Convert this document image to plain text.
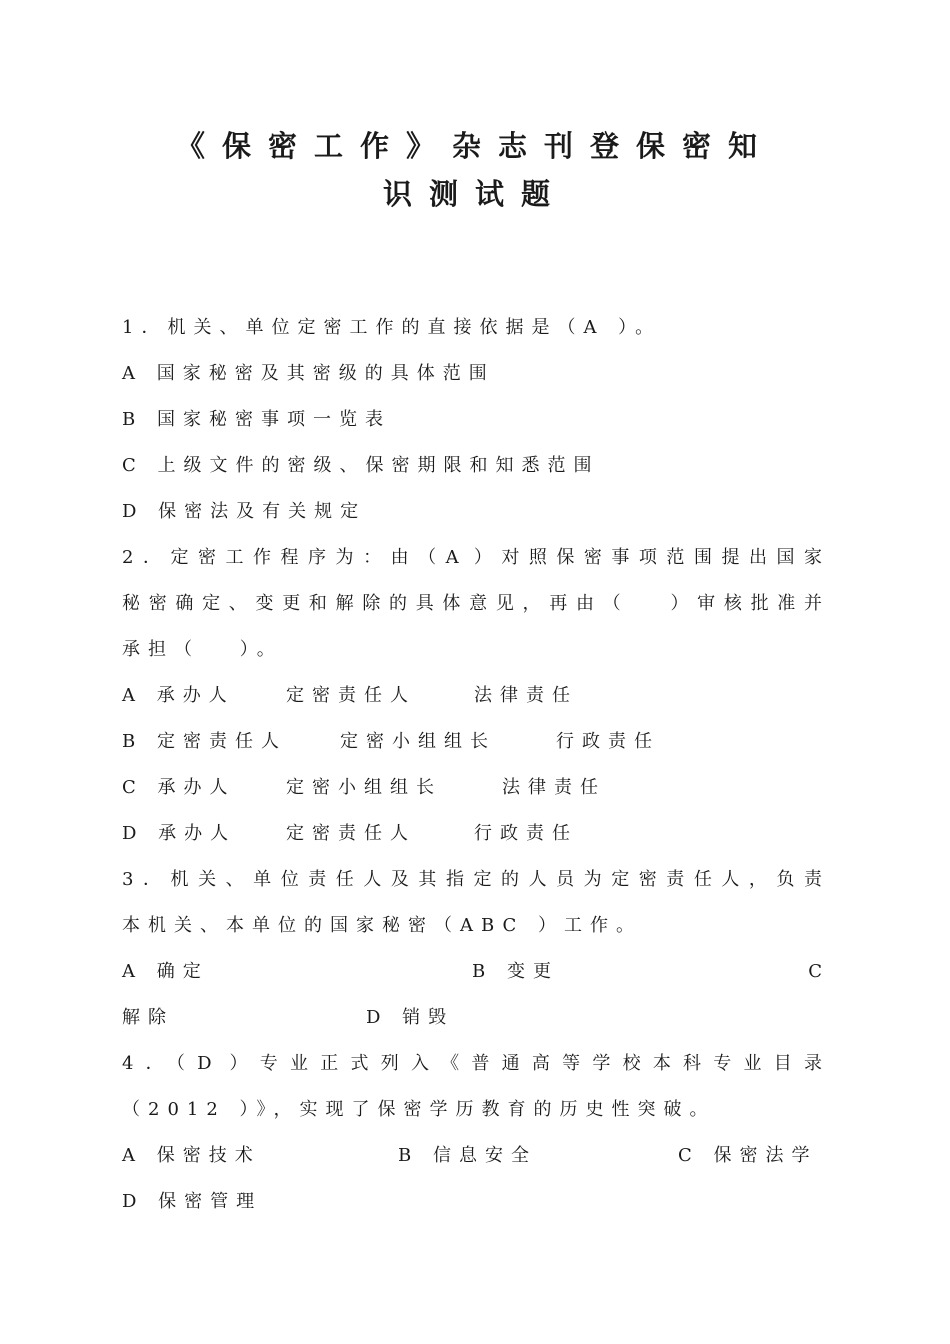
《保密工作》杂志刊登保密知
识测试题
1．机关、单位定密工作的直接依据是（A ）。
A 国家秘密及其密级的具体范围
B 国家秘密事项一览表
C 上级文件的密级、保密期限和知悉范围
D 保密法及有关规定
2．定密工作程序为：由（A ）对照保密事项范围提出国家
秘密确定、变更和解除的具体意见，再由（　 ）审核批准并
承担（　 ）。
A 承办人	定密责任人	法律责任
B 定密责任人	定密小组组长	行政责任
C 承办人	定密小组组长	法律责任
D 承办人	定密责任人	行政责任
3．机关、单位责任人及其指定的人员为定密责任人，负责
本机关、本单位的国家秘密（ABC ）工作。
A 确定	B 变更	C
解除	D 销毁
4．（D ）专业正式列入《普通高等学校本科专业目录
（2012 ）》，实现了保密学历教育的历史性突破。
A 保密技术	B 信息安全	C 保密法学
D 保密管理
